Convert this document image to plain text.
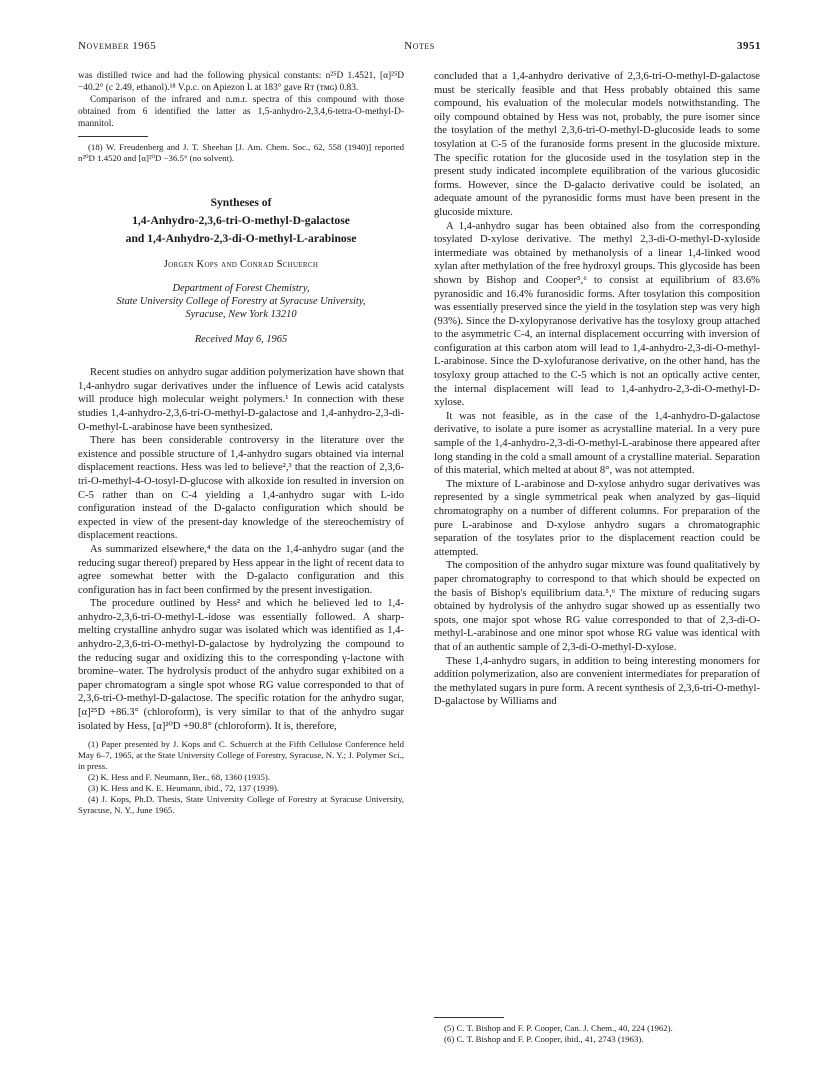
November 1965	Notes	3951

was distilled twice and had the following physical constants: n²⁵D 1.4521, [α]²⁵D −40.2° (c 2.49, ethanol).¹⁸ V.p.c. on Apiezon L at 183° gave Rᴛ (ᴛᴍɢ) 0.83.

Comparison of the infrared and n.m.r. spectra of this compound with those obtained from 6 identified the latter as 1,5-anhydro-2,3,4,6-tetra-O-methyl-D-mannitol.

(18) W. Freudenberg and J. T. Sheehan [J. Am. Chem. Soc., 62, 558 (1940)] reported n²⁰D 1.4520 and [α]²⁰D −36.5° (no solvent).

Syntheses of
1,4-Anhydro-2,3,6-tri-O-methyl-D-galactose
and 1,4-Anhydro-2,3-di-O-methyl-L-arabinose
Jorgen Kops and Conrad Schuerch
Department of Forest Chemistry,
State University College of Forestry at Syracuse University,
Syracuse, New York 13210
Received May 6, 1965

Recent studies on anhydro sugar addition polymerization have shown that 1,4-anhydro sugar derivatives under the influence of Lewis acid catalysts will produce high molecular weight polymers.¹ In connection with these studies 1,4-anhydro-2,3,6-tri-O-methyl-D-galactose and 1,4-anhydro-2,3-di-O-methyl-L-arabinose have been synthesized.

There has been considerable controversy in the literature over the existence and possible structure of 1,4-anhydro sugars obtained via internal displacement reactions. Hess was led to believe²,³ that the reaction of 2,3,6-tri-O-methyl-4-O-tosyl-D-glucose with alkoxide ion resulted in inversion on C-5 rather than on C-4 yielding a 1,4-anhydro sugar with L-ido configuration instead of the D-galacto configuration which should be expected in view of the present-day knowledge of the stereochemistry of displacement reactions.

As summarized elsewhere,⁴ the data on the 1,4-anhydro sugar (and the reducing sugar thereof) prepared by Hess appear in the light of recent data to agree somewhat better with the D-galacto configuration and this configuration has in fact been confirmed by the present investigation.

The procedure outlined by Hess² and which he believed led to 1,4-anhydro-2,3,6-tri-O-methyl-L-idose was essentially followed. A sharp-melting crystalline anhydro sugar was isolated which was identified as 1,4-anhydro-2,3,6-tri-O-methyl-D-galactose by hydrolyzing the compound to the reducing sugar and oxidizing this to the corresponding γ-lactone with bromine–water. The hydrolysis product of the anhydro sugar exhibited on a paper chromatogram a single spot whose RG value corresponded to that of 2,3,6-tri-O-methyl-D-galactose. The specific rotation for the anhydro sugar, [α]²⁵D +86.3° (chloroform), is very similar to that of the anhydro sugar isolated by Hess, [α]²⁰D +90.8° (chloroform). It is, therefore,

(1) Paper presented by J. Kops and C. Schuerch at the Fifth Cellulose Conference held May 6–7, 1965, at the State University College of Forestry, Syracuse, N. Y.; J. Polymer Sci., in press.

(2) K. Hess and F. Neumann, Ber., 68, 1360 (1935).

(3) K. Hess and K. E. Heumann, ibid., 72, 137 (1939).

(4) J. Kops, Ph.D. Thesis, State University College of Forestry at Syracuse University, Syracuse, N. Y., June 1965.

concluded that a 1,4-anhydro derivative of 2,3,6-tri-O-methyl-D-galactose must be sterically feasible and that Hess probably obtained this same compound, his evaluation of the molecular models notwithstanding. The oily compound obtained by Hess was not, probably, the pure isomer since the tosylation of the methyl 2,3,6-tri-O-methyl-D-glucoside leads to some tosylation at C-5 of the furanoside forms present in the glucoside mixture. The specific rotation for the glucoside used in the tosylation step in the present study indicated incomplete equilibration of the various glucosidic forms. However, since the D-galacto derivative could be isolated, an adequate amount of the pyranosidic forms must have been present in the glucoside mixture.

A 1,4-anhydro sugar has been obtained also from the corresponding tosylated D-xylose derivative. The methyl 2,3-di-O-methyl-D-xyloside intermediate was obtained by methanolysis of a linear 1,4-linked wood xylan after methylation of the free hydroxyl groups. This glycoside has been shown by Bishop and Cooper⁵,⁶ to consist at equilibrium of 83.6% pyranosidic and 16.4% furanosidic forms. After tosylation this composition was essentially preserved since the yield in the tosylation step was very high (93%). Since the D-xylopyranose derivative has the tosyloxy group attached to the asymmetric C-4, an internal displacement occurring with inversion of configuration at this carbon atom will lead to 1,4-anhydro-2,3-di-O-methyl-L-arabinose. Since the D-xylofuranose derivative, on the other hand, has the tosyloxy group attached to the C-5 which is not an optically active center, the internal displacement will lead to 1,4-anhydro-2,3-di-O-methyl-D-xylose.

It was not feasible, as in the case of the 1,4-anhydro-D-galactose derivative, to isolate a pure isomer as acrystalline material. In a very pure sample of the 1,4-anhydro-2,3-di-O-methyl-L-arabinose there appeared after long standing in the cold a small amount of a crystalline material. Separation of this material, which melted at about 8°, was not attempted.

The mixture of L-arabinose and D-xylose anhydro sugar derivatives was represented by a single symmetrical peak when analyzed by gas–liquid chromatography on a number of different columns. For preparation of the pure L-arabinose and D-xylose anhydro sugars a chromatographic separation of the tosylates prior to the displacement reaction could be attempted.

The composition of the anhydro sugar mixture was found qualitatively by paper chromatography to correspond to that which should be expected on the basis of Bishop's equilibrium data.⁵,⁶ The mixture of reducing sugars obtained by hydrolysis of the anhydro sugar showed up as essentially two spots, one major spot whose RG value corresponded to that of 2,3-di-O-methyl-L-arabinose and one minor spot whose RG value was identical with that of an authentic sample of 2,3-di-O-methyl-D-xylose.

These 1,4-anhydro sugars, in addition to being interesting monomers for addition polymerization, also are convenient intermediates for preparation of the methylated sugars in pure form. A recent synthesis of 2,3,6-tri-O-methyl-D-galactose by Williams and

(5) C. T. Bishop and F. P. Cooper, Can. J. Chem., 40, 224 (1962).

(6) C. T. Bishop and F. P. Cooper, ibid., 41, 2743 (1963).
